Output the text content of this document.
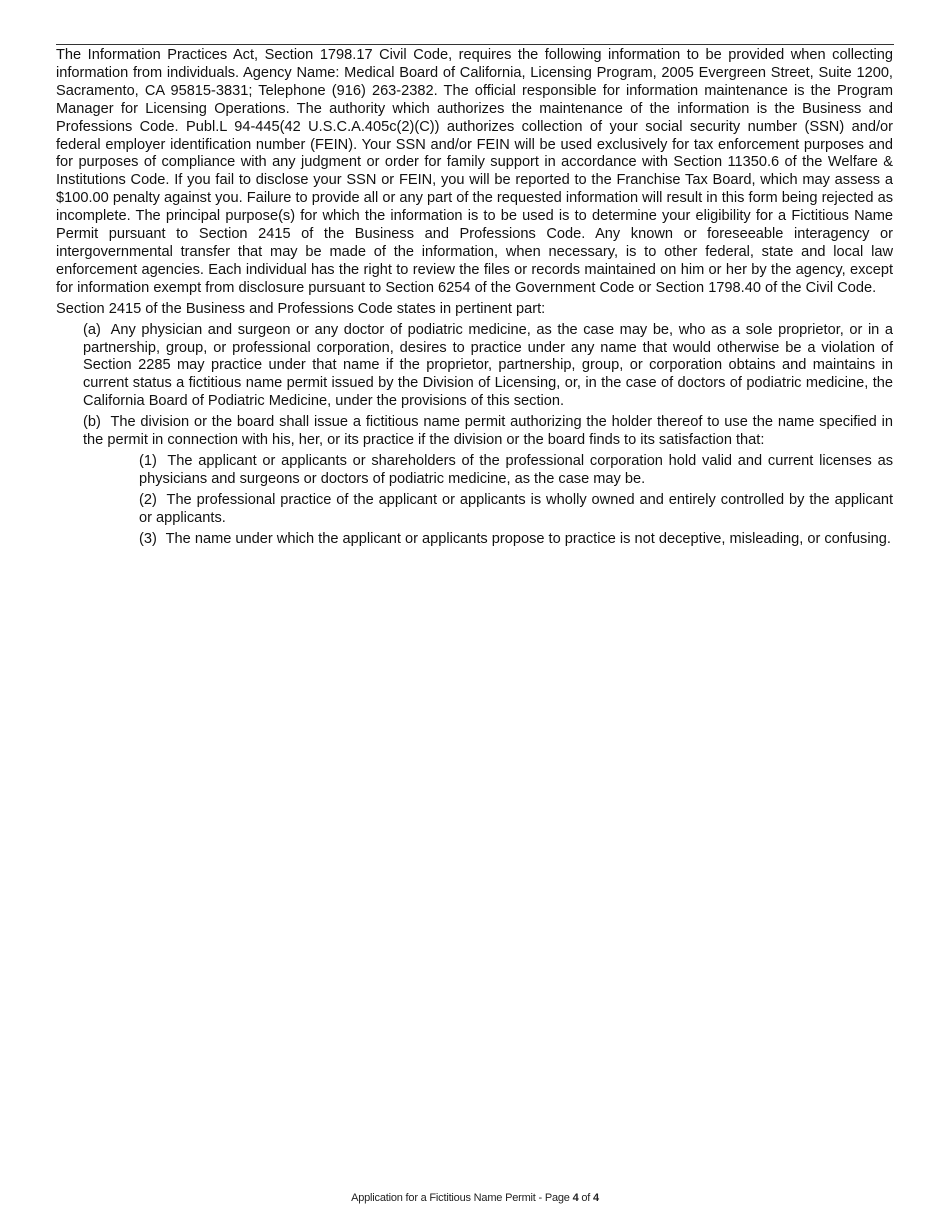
The Information Practices Act, Section 1798.17 Civil Code, requires the following information to be provided when collecting information from individuals. Agency Name: Medical Board of California, Licensing Program, 2005 Evergreen Street, Suite 1200, Sacramento, CA 95815-3831; Telephone (916) 263-2382. The official responsible for information maintenance is the Program Manager for Licensing Operations. The authority which authorizes the maintenance of the information is the Business and Professions Code. Publ.L 94-445(42 U.S.C.A.405c(2)(C)) authorizes collection of your social security number (SSN) and/or federal employer identification number (FEIN). Your SSN and/or FEIN will be used exclusively for tax enforcement purposes and for purposes of compliance with any judgment or order for family support in accordance with Section 11350.6 of the Welfare & Institutions Code. If you fail to disclose your SSN or FEIN, you will be reported to the Franchise Tax Board, which may assess a $100.00 penalty against you. Failure to provide all or any part of the requested information will result in this form being rejected as incomplete. The principal purpose(s) for which the information is to be used is to determine your eligibility for a Fictitious Name Permit pursuant to Section 2415 of the Business and Professions Code. Any known or foreseeable interagency or intergovernmental transfer that may be made of the information, when necessary, is to other federal, state and local law enforcement agencies. Each individual has the right to review the files or records maintained on him or her by the agency, except for information exempt from disclosure pursuant to Section 6254 of the Government Code or Section 1798.40 of the Civil Code.

Section 2415 of the Business and Professions Code states in pertinent part:

(a) Any physician and surgeon or any doctor of podiatric medicine, as the case may be, who as a sole proprietor, or in a partnership, group, or professional corporation, desires to practice under any name that would otherwise be a violation of Section 2285 may practice under that name if the proprietor, partnership, group, or corporation obtains and maintains in current status a fictitious name permit issued by the Division of Licensing, or, in the case of doctors of podiatric medicine, the California Board of Podiatric Medicine, under the provisions of this section.

(b) The division or the board shall issue a fictitious name permit authorizing the holder thereof to use the name specified in the permit in connection with his, her, or its practice if the division or the board finds to its satisfaction that:

(1) The applicant or applicants or shareholders of the professional corporation hold valid and current licenses as physicians and surgeons or doctors of podiatric medicine, as the case may be.

(2) The professional practice of the applicant or applicants is wholly owned and entirely controlled by the applicant or applicants.

(3) The name under which the applicant or applicants propose to practice is not deceptive, misleading, or confusing.

Application for a Fictitious Name Permit - Page 4 of 4
